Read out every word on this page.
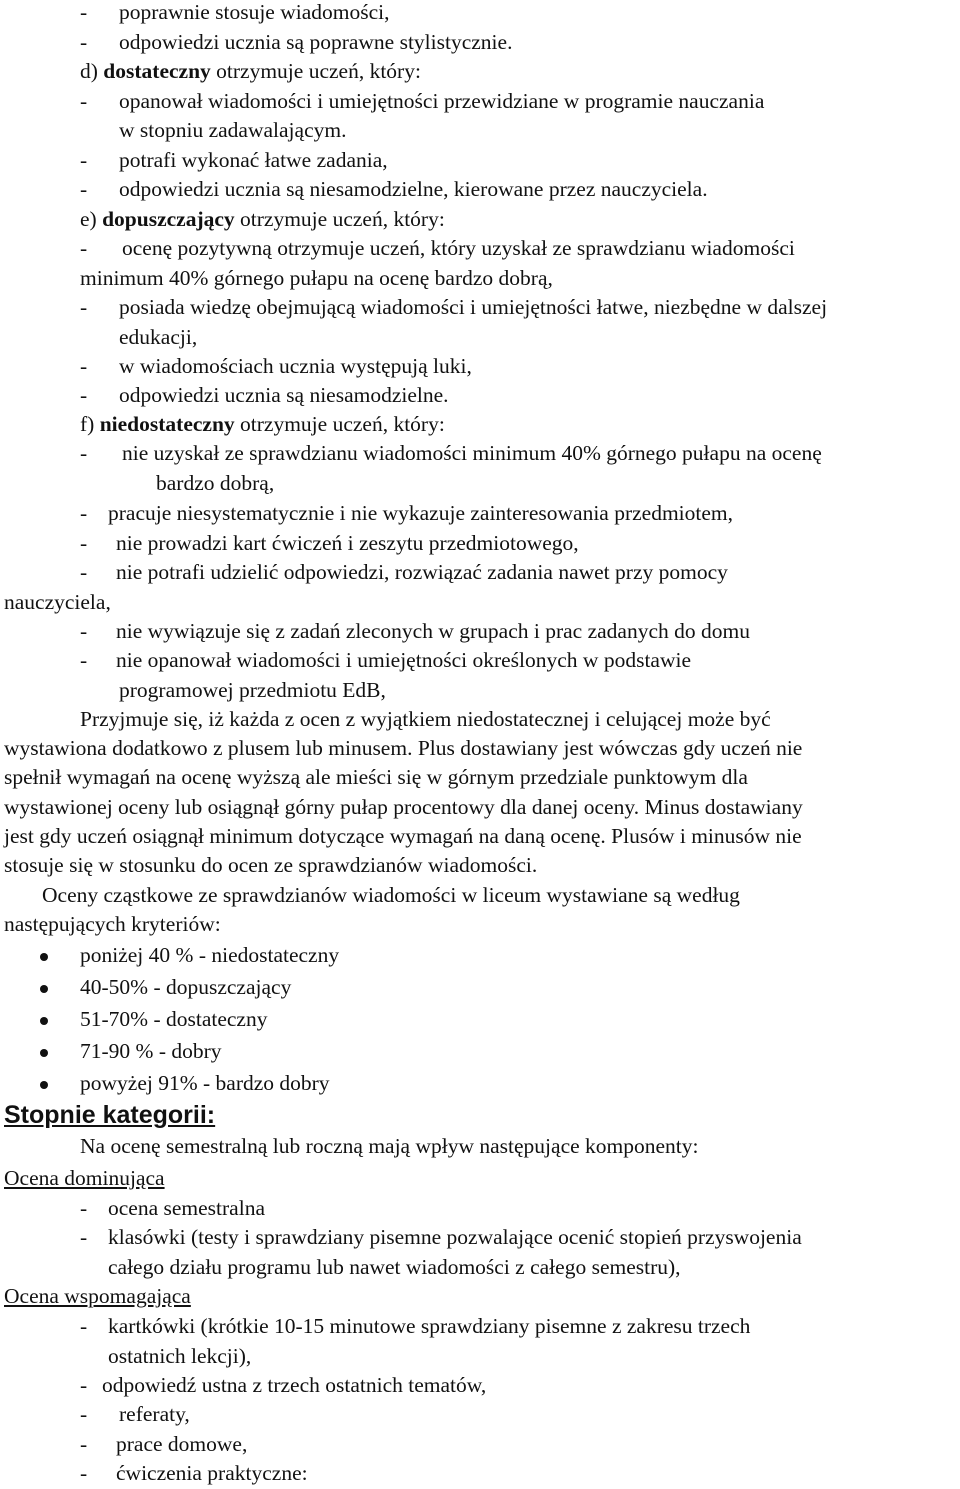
- poprawnie stosuje wiadomości,
- odpowiedzi ucznia są poprawne stylistycznie.
d) dostateczny otrzymuje uczeń, który:
- opanował wiadomości i umiejętności przewidziane w programie nauczania
w stopniu zadawalającym.
- potrafi wykonać łatwe zadania,
- odpowiedzi ucznia są niesamodzielne, kierowane przez nauczyciela.
e) dopuszczający otrzymuje uczeń, który:
- ocenę pozytywną otrzymuje uczeń, który uzyskał ze sprawdzianu wiadomości
minimum 40% górnego pułapu na ocenę bardzo dobrą,
- posiada wiedzę obejmującą wiadomości i umiejętności łatwe, niezbędne w dalszej
edukacji,
- w wiadomościach ucznia występują luki,
- odpowiedzi ucznia są niesamodzielne.
f) niedostateczny otrzymuje uczeń, który:
- nie uzyskał ze sprawdzianu wiadomości minimum 40% górnego pułapu na ocenę
bardzo dobrą,
- pracuje niesystematycznie i nie wykazuje zainteresowania przedmiotem,
- nie prowadzi kart ćwiczeń i zeszytu przedmiotowego,
- nie potrafi udzielić odpowiedzi, rozwiązać zadania nawet przy pomocy
nauczyciela,
- nie wywiązuje się z zadań zleconych w grupach i prac zadanych do domu
- nie opanował wiadomości i umiejętności określonych w podstawie
programowej przedmiotu EdB,
Przyjmuje się, iż każda z ocen z wyjątkiem niedostatecznej i celującej może być
wystawiona dodatkowo z plusem lub minusem. Plus dostawiany jest wówczas gdy uczeń nie
spełnił wymagań na ocenę wyższą ale mieści się w górnym przedziale punktowym dla
wystawionej oceny lub osiągnął górny pułap procentowy dla danej oceny. Minus dostawiany
jest gdy uczeń osiągnął minimum dotyczące wymagań na daną ocenę. Plusów i minusów nie
stosuje się w stosunku do ocen ze sprawdzianów wiadomości.
Oceny cząstkowe ze sprawdzianów wiadomości w liceum wystawiane są według
następujących kryteriów:
poniżej 40 % - niedostateczny
40-50% - dopuszczający
51-70% - dostateczny
71-90 % - dobry
powyżej 91% - bardzo dobry
Stopnie kategorii:
Na ocenę semestralną lub roczną mają wpływ następujące komponenty:
Ocena dominująca
- ocena semestralna
- klasówki (testy i sprawdziany pisemne pozwalające ocenić stopień przyswojenia
całego działu programu lub nawet wiadomości z całego semestru),
Ocena wspomagająca
- kartkówki (krótkie 10-15 minutowe sprawdziany pisemne z zakresu trzech
ostatnich lekcji),
- odpowiedź ustna z trzech ostatnich tematów,
- referaty,
- prace domowe,
- ćwiczenia praktyczne:
